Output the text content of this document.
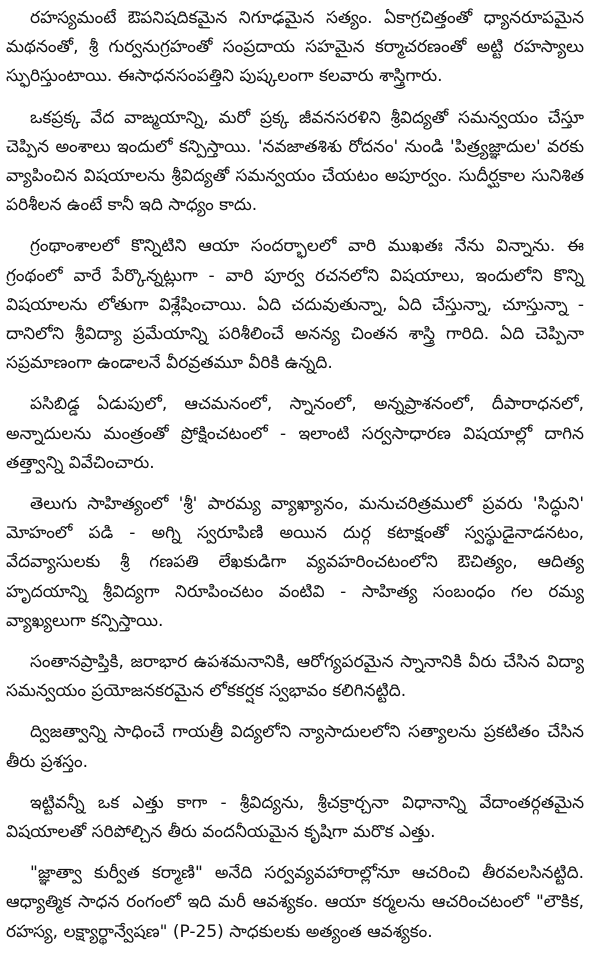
రహస్యమంటే ఔపనిషదికమైన నిగూఢమైన సత్యం. ఏకాగ్రచిత్తంతో ధ్యానరూపమైన మథనంతో, శ్రీ గుర్వనుగ్రహంతో సంప్రదాయ సహమైన కర్మాచరణంతో అట్టి రహస్యాలు స్ఫురిస్తుంటాయి. ఈసాధనసంపత్తిని పుష్కలంగా కలవారు శాస్త్రిగారు.

ఒకప్రక్క వేద వాఙ్మయాన్ని, మరో ప్రక్క జీవనసరళిని శ్రీవిద్యతో సమన్వయం చేస్తూ చెప్పిన అంశాలు ఇందులో కన్పిస్తాయి. 'నవజాతశిశు రోదనం' నుండి 'పిత్ర్యజ్ఞాదుల' వరకు వ్యాపించిన విషయాలను శ్రీవిద్యతో సమన్వయం చేయటం అపూర్వం. సుదీర్ఘకాల సునిశిత పరిశీలన ఉంటే కానీ ఇది సాధ్యం కాదు.

గ్రంథాంశాలలో కొన్నిటిని ఆయా సందర్భాలలో వారి ముఖతః నేను విన్నాను. ఈ గ్రంథంలో వారే పేర్కొన్నట్లుగా - వారి పూర్వ రచనలోని విషయాలు, ఇందులోని కొన్ని విషయాలను లోతుగా విశ్లేషించాయి. ఏది చదువుతున్నా, ఏది చేస్తున్నా, చూస్తున్నా - దానిలోని శ్రీవిద్యా ప్రమేయాన్ని పరిశీలించే అనన్య చింతన శాస్త్రి గారిది. ఏది చెప్పినా సప్రమాణంగా ఉండాలనే వీరవ్రతమూ వీరికి ఉన్నది.

పసిబిడ్డ ఏడుపులో, ఆచమనంలో, స్నానంలో, అన్నప్రాశనంలో, దీపారాధనలో, అన్నాదులను మంత్రంతో ప్రోక్షించటంలో - ఇలాంటి సర్వసాధారణ విషయాల్లో దాగిన తత్త్వాన్ని వివేచించారు.

తెలుగు సాహిత్యంలో 'శ్రీ' పారమ్య వ్యాఖ్యానం, మనుచరిత్రములో ప్రవరు 'సిద్ధుని' మోహంలో పడి - అగ్ని స్వరూపిణి అయిన దుర్గ కటాక్షంతో స్వస్థుడైనాడనటం, వేదవ్యాసులకు శ్రీ గణపతి లేఖకుడిగా వ్యవహరించటంలోని ఔచిత్యం, ఆదిత్య హృదయాన్ని శ్రీవిద్యగా నిరూపించటం వంటివి - సాహిత్య సంబంధం గల రమ్య వ్యాఖ్యలుగా కన్పిస్తాయి.

సంతానప్రాప్తికి, జరాభార ఉపశమనానికి, ఆరోగ్యపరమైన స్నానానికి వీరు చేసిన విద్యా సమన్వయం ప్రయోజనకరమైన లోకకర్షక స్వభావం కలిగినట్టిది.

ద్విజత్వాన్ని సాధించే గాయత్రీ విద్యలోని న్యాసాదులలోని సత్యాలను ప్రకటితం చేసిన తీరు ప్రశస్తం.

ఇట్టివన్నీ ఒక ఎత్తు కాగా - శ్రీవిద్యను, శ్రీచక్రార్చనా విధానాన్ని వేదాంతర్గతమైన విషయాలతో సరిపోల్చిన తీరు వందనీయమైన కృషిగా మరొక ఎత్తు.

"జ్ఞాత్వా కుర్వీత కర్మాణి" అనేది సర్వవ్యవహారాల్లోనూ ఆచరించి తీరవలసినట్టిది. ఆధ్యాత్మిక సాధన రంగంలో ఇది మరీ ఆవశ్యకం. ఆయా కర్మలను ఆచరించటంలో "లౌకిక, రహస్య, లక్ష్యార్థాన్వేషణ" (P-25) సాధకులకు అత్యంత ఆవశ్యకం.
